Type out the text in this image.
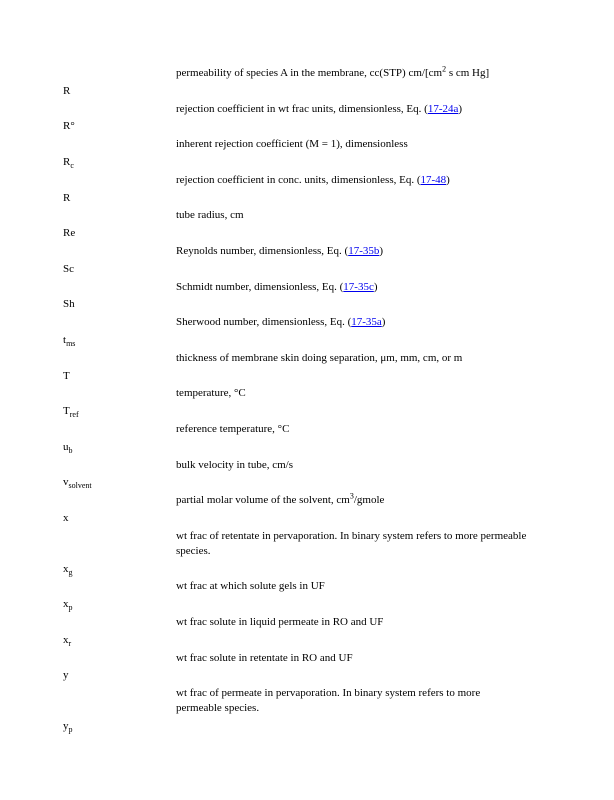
permeability of species A in the membrane, cc(STP) $cm/[cm^2$ s cm Hg]
R
rejection coefficient in wt frac units, dimensionless, Eq. (17-24a)
R°
inherent rejection coefficient (M = 1), dimensionless
$R_c$
rejection coefficient in conc. units, dimensionless, Eq. (17-48)
R
tube radius, cm
Re
Reynolds number, dimensionless, Eq. (17-35b)
Sc
Schmidt number, dimensionless, Eq. (17-35c)
Sh
Sherwood number, dimensionless, Eq. (17-35a)
$t_{ms}$
thickness of membrane skin doing separation, μm, mm, cm, or m
T
temperature, °C
$T_{ref}$
reference temperature, °C
$u_b$
bulk velocity in tube, cm/s
$v_{solvent}$
partial molar volume of the solvent, $cm^3$/gmole
x
wt frac of retentate in pervaporation. In binary system refers to more permeable
species.
$x_g$
wt frac at which solute gels in UF
$x_p$
wt frac solute in liquid permeate in RO and UF
$x_r$
wt frac solute in retentate in RO and UF
y
wt frac of permeate in pervaporation. In binary system refers to more
permeable species.
$y_p$
